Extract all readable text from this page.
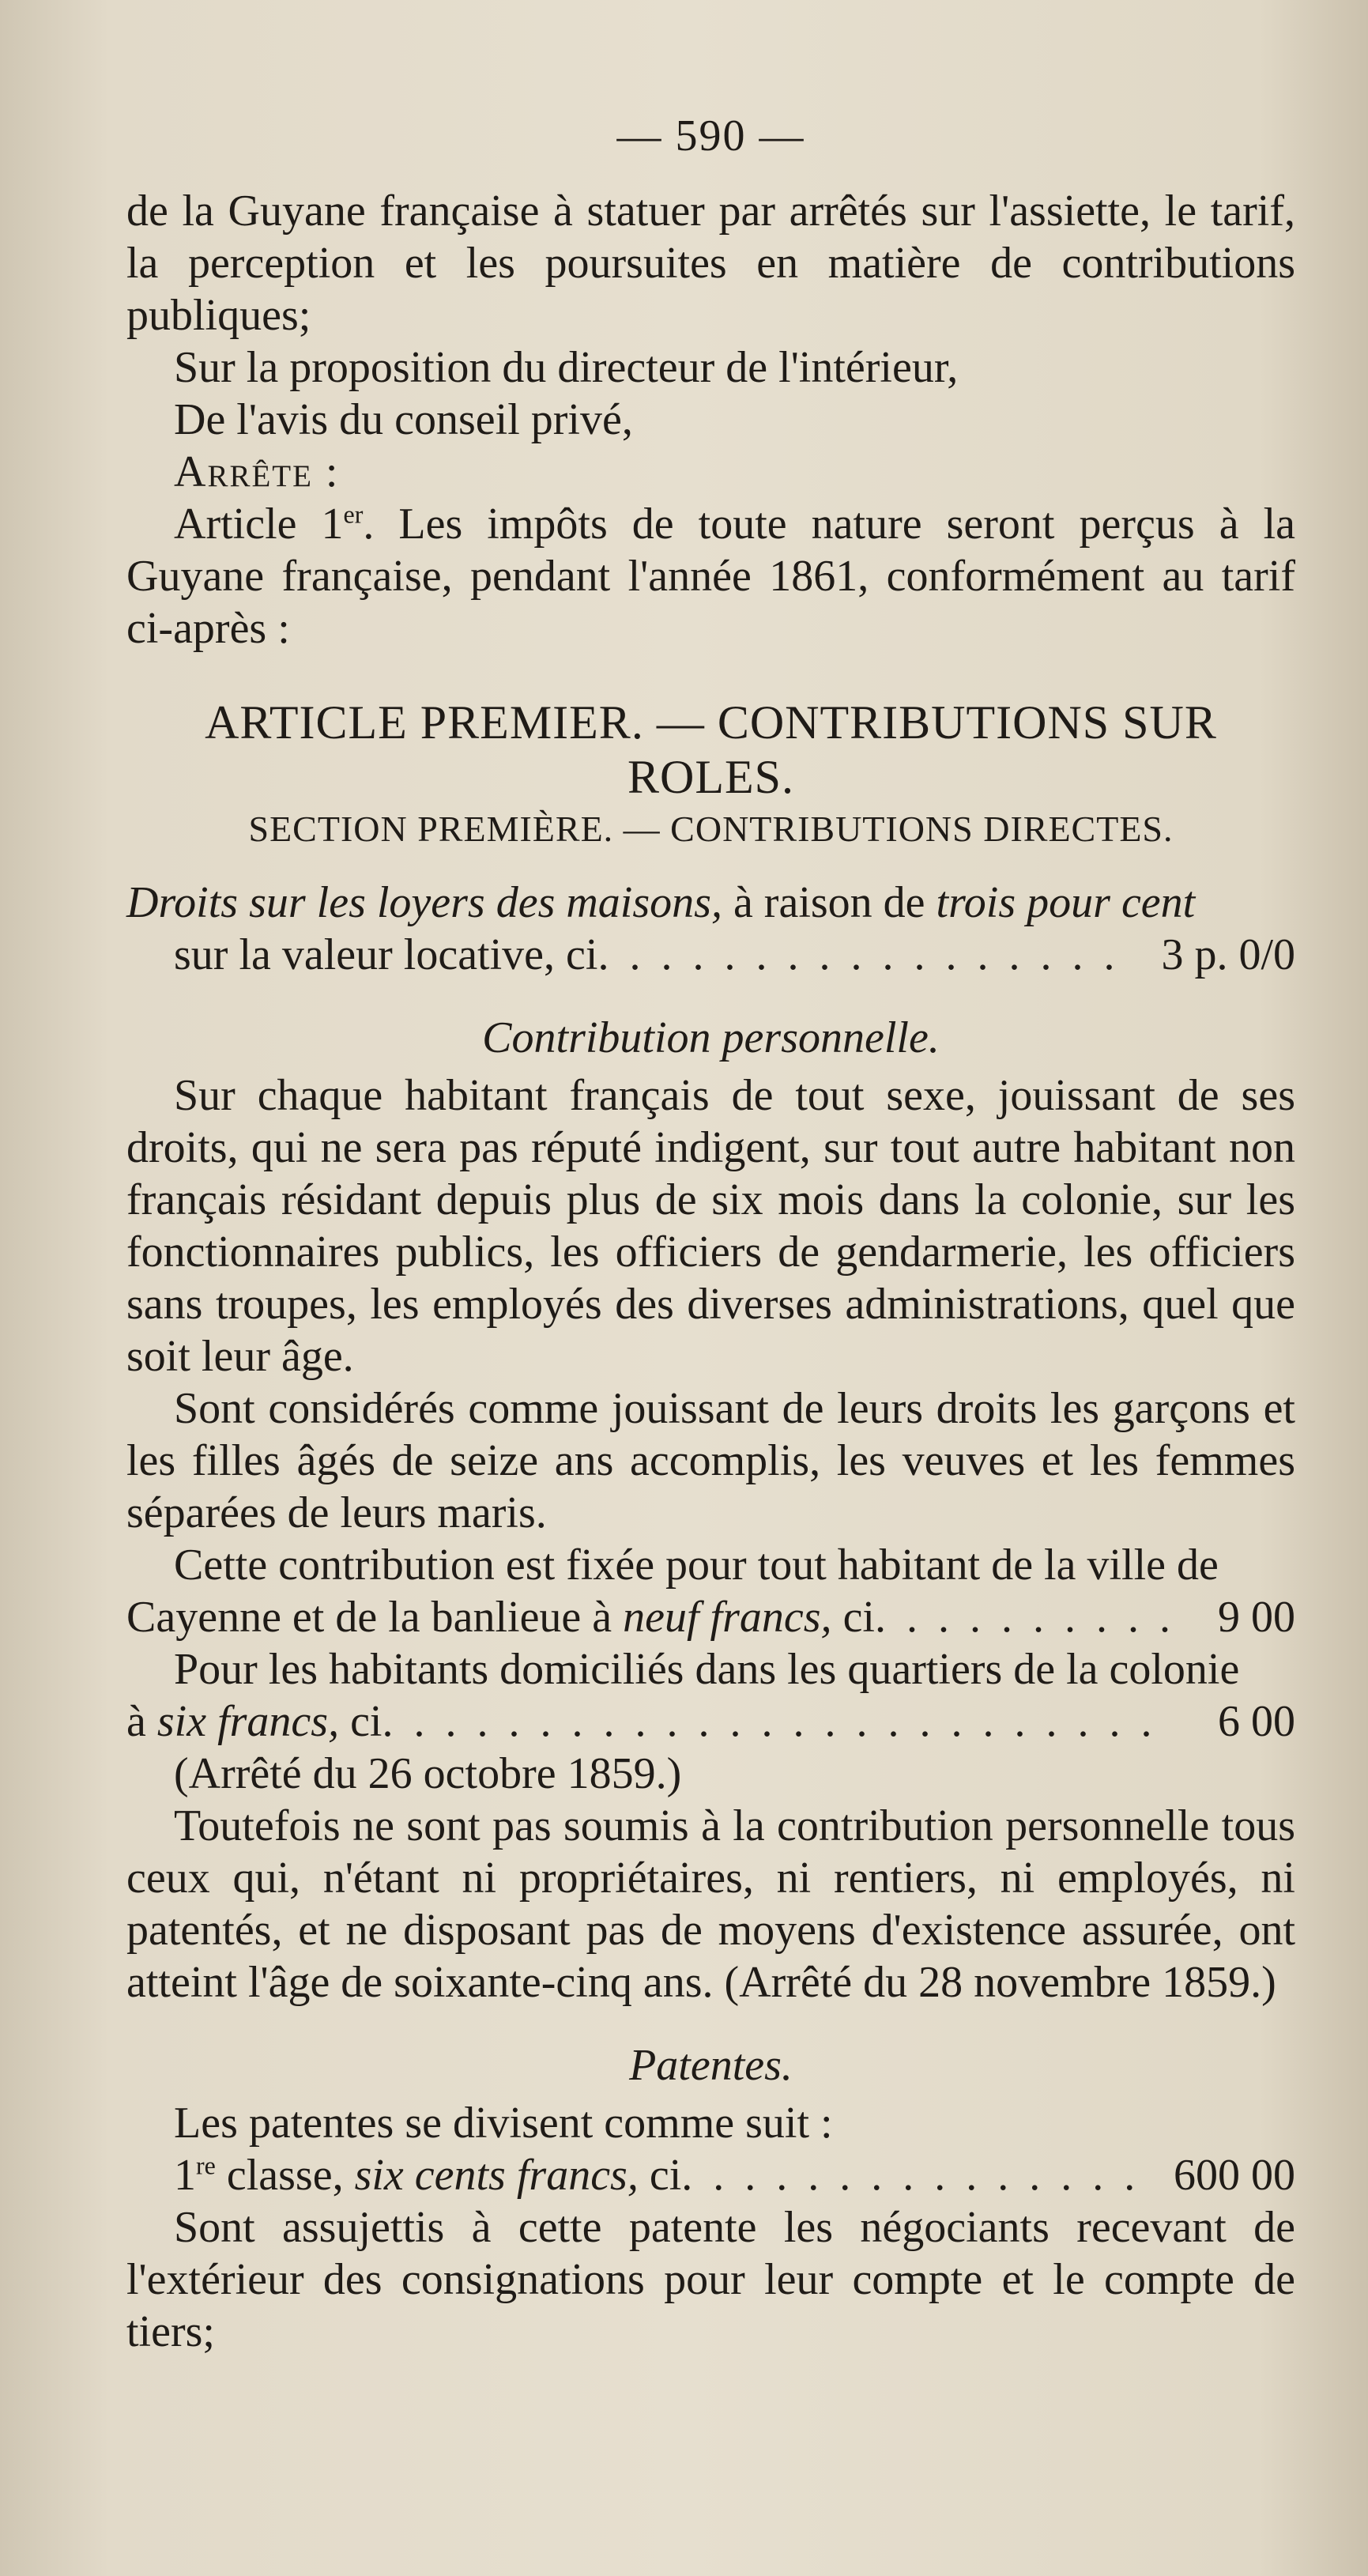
— 590 —

de la Guyane française à statuer par arrêtés sur l'assiette, le tarif, la perception et les poursuites en matière de contributions publiques;

Sur la proposition du directeur de l'intérieur,

De l'avis du conseil privé,

Arrête :

Article 1er. Les impôts de toute nature seront perçus à la Guyane française, pendant l'année 1861, conformément au tarif ci-après :

ARTICLE PREMIER. — CONTRIBUTIONS SUR ROLES.
SECTION PREMIÈRE. — CONTRIBUTIONS DIRECTES.

Droits sur les loyers des maisons, à raison de trois pour cent

sur la valeur locative, ci . . .	3 p. 0/0
Contribution personnelle.

Sur chaque habitant français de tout sexe, jouissant de ses droits, qui ne sera pas réputé indigent, sur tout autre habitant non français résidant depuis plus de six mois dans la colonie, sur les fonctionnaires publics, les officiers de gendarmerie, les officiers sans troupes, les employés des diverses administrations, quel que soit leur âge.

Sont considérés comme jouissant de leurs droits les garçons et les filles âgés de seize ans accomplis, les veuves et les femmes séparées de leurs maris.

Cette contribution est fixée pour tout habitant de la ville de

Cayenne et de la banlieue à neuf francs, ci . . .	9 00

Pour les habitants domiciliés dans les quartiers de la colonie

à six francs, ci . . .	6 00

(Arrêté du 26 octobre 1859.)

Toutefois ne sont pas soumis à la contribution personnelle tous ceux qui, n'étant ni propriétaires, ni rentiers, ni employés, ni patentés, et ne disposant pas de moyens d'existence assurée, ont atteint l'âge de soixante-cinq ans. (Arrêté du 28 novembre 1859.)

Patentes.

Les patentes se divisent comme suit :

1re classe, six cents francs, ci . . .	600 00

Sont assujettis à cette patente les négociants recevant de l'extérieur des consignations pour leur compte et le compte de tiers;
